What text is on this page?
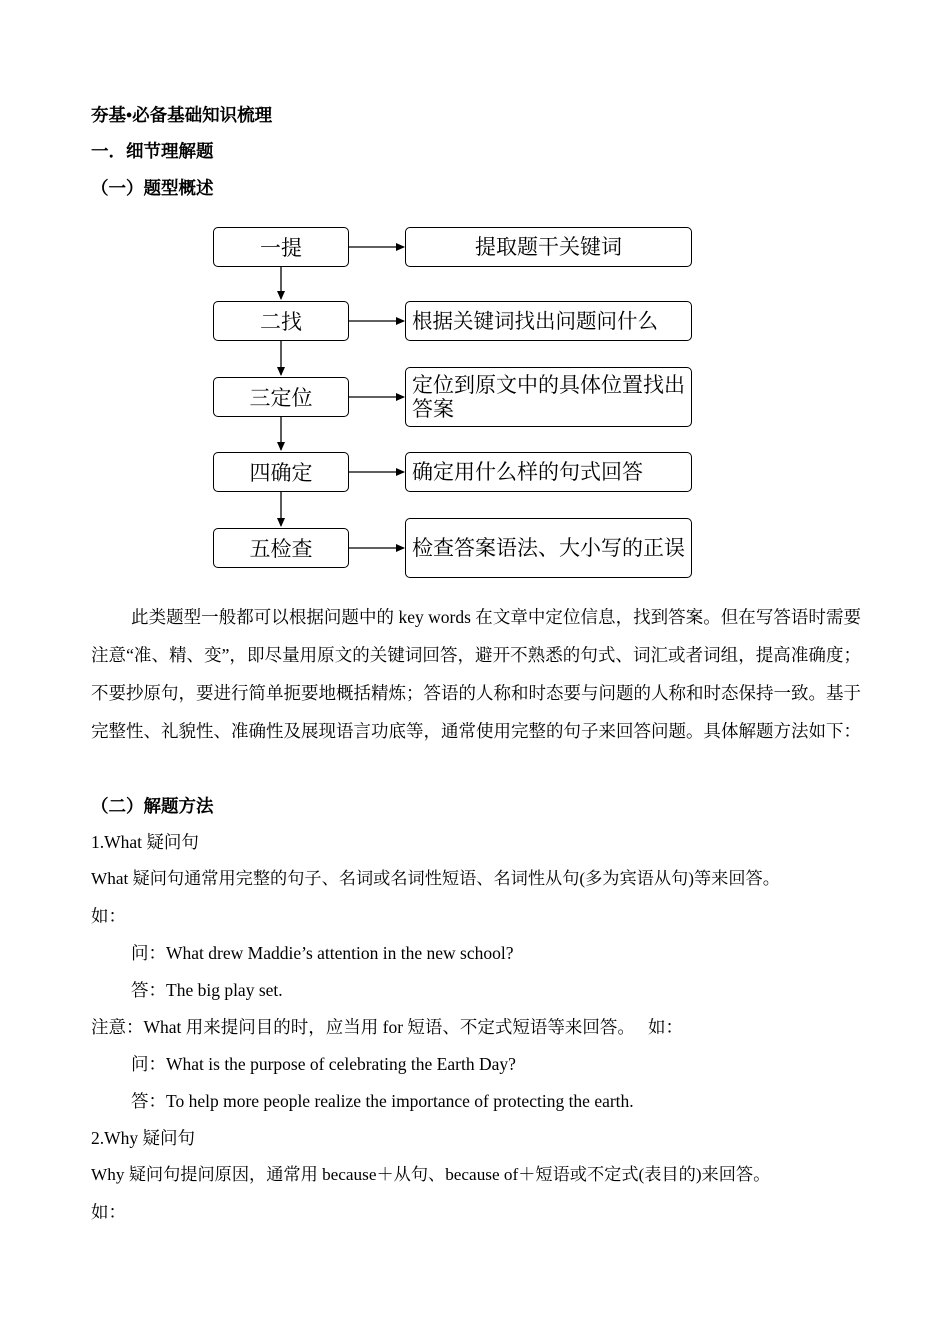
夯基•必备基础知识梳理
一．细节理解题
（一）题型概述
一提
二找
三定位
四确定
五检查
提取题干关键词
根据关键词找出问题问什么
定位到原文中的具体位置找出答案
确定用什么样的句式回答
检查答案语法、大小写的正误
此类题型一般都可以根据问题中的 key words 在文章中定位信息，找到答案。但在写答语时需要注意“准、精、变”，即尽量用原文的关键词回答，避开不熟悉的句式、词汇或者词组，提高准确度；不要抄原句，要进行简单扼要地概括精炼；答语的人称和时态要与问题的人称和时态保持一致。基于完整性、礼貌性、准确性及展现语言功底等，通常使用完整的句子来回答问题。具体解题方法如下：
（二）解题方法
1.What 疑问句
What 疑问句通常用完整的句子、名词或名词性短语、名词性从句(多为宾语从句)等来回答。
如：
问：What drew Maddie’s attention in the new school?
答：The big play set.
注意：What 用来提问目的时，应当用 for 短语、不定式短语等来回答。   如：
问：What is the purpose of celebrating the Earth Day?
答：To help more people realize the importance of protecting the earth.
2.Why 疑问句
Why 疑问句提问原因，通常用 because＋从句、because of＋短语或不定式(表目的)来回答。
如：
